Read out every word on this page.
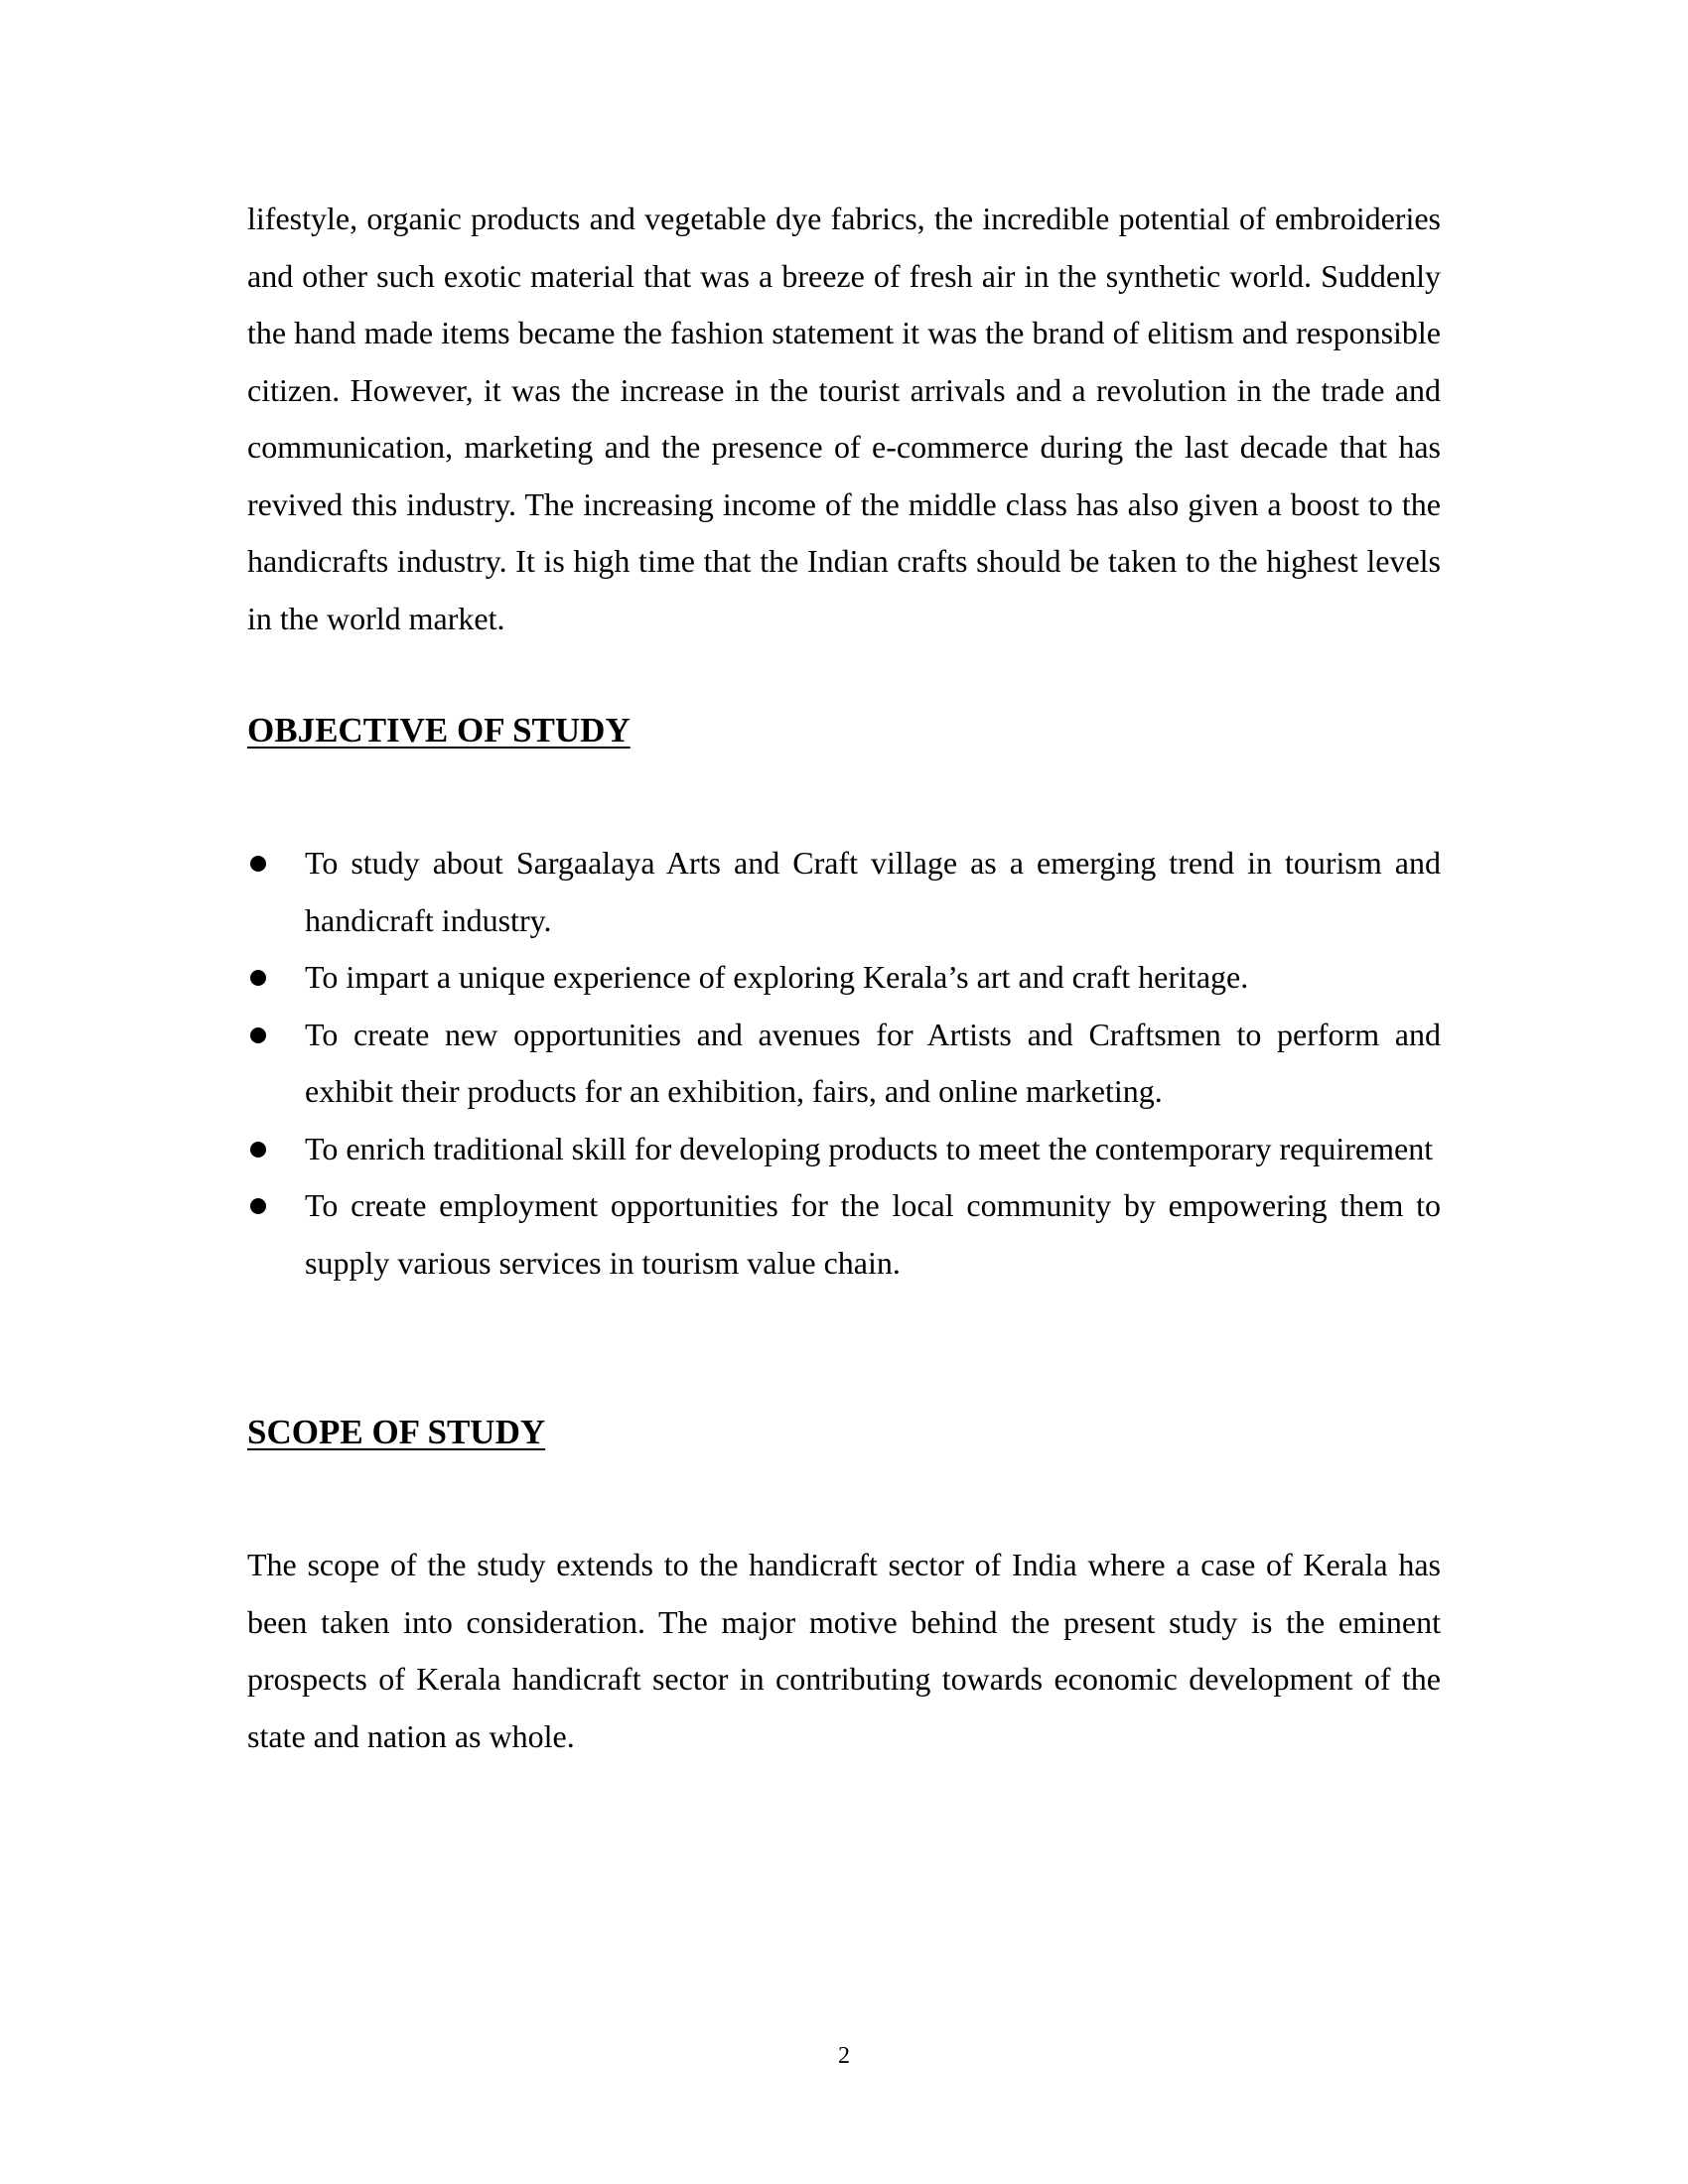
lifestyle, organic products and vegetable dye fabrics, the incredible potential of embroideries and other such exotic material that was a breeze of fresh air in the synthetic world. Suddenly the hand made items became the fashion statement it was the brand of elitism and responsible citizen. However, it was the increase in the tourist arrivals and a revolution in the trade and communication, marketing and the presence of e-commerce during the last decade that has revived this industry. The increasing income of the middle class has also given a boost to the handicrafts industry. It is high time that the Indian crafts should be taken to the highest levels in the world market.

OBJECTIVE OF STUDY
To study about Sargaalaya Arts and Craft village as a emerging trend in tourism and handicraft industry.
To impart a unique experience of exploring Kerala’s art and craft heritage.
To create new opportunities and avenues for Artists and Craftsmen to perform and exhibit their products for an exhibition, fairs, and online marketing.
To enrich traditional skill for developing products to meet the contemporary requirement
To create employment opportunities for the local community by empowering them to supply various services in tourism value chain.
SCOPE OF STUDY

The scope of the study extends to the handicraft sector of India where a case of Kerala has been taken into consideration. The major motive behind the present study is the eminent prospects of Kerala handicraft sector in contributing towards economic development of the state and nation as whole.

2
